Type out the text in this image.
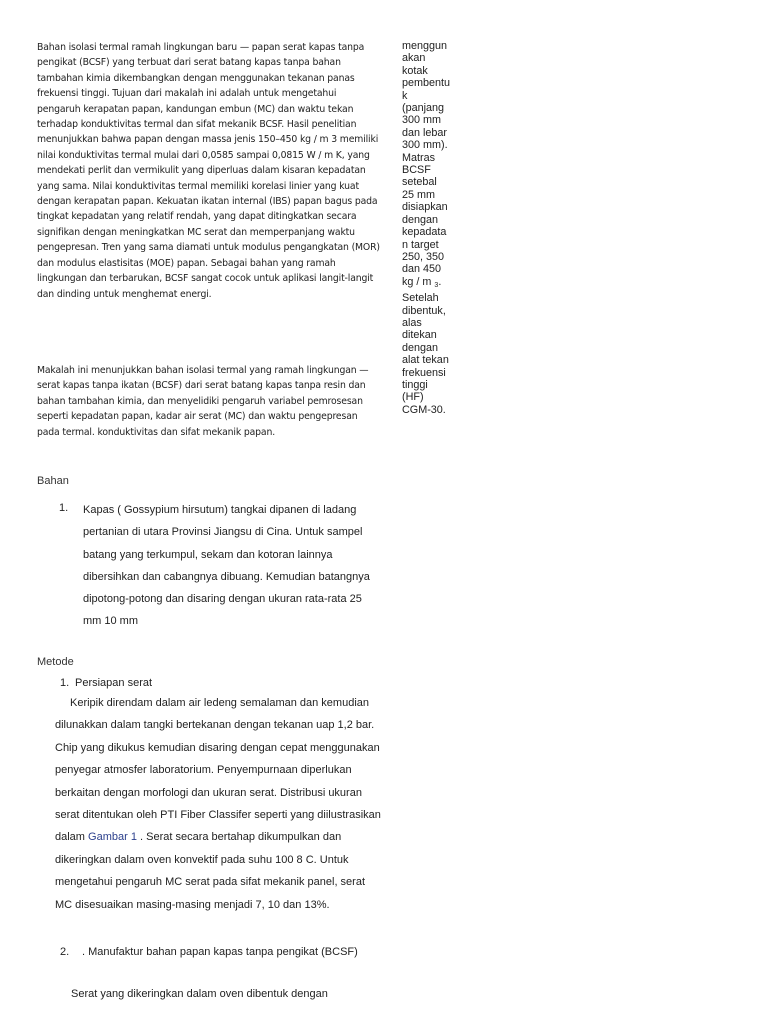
Bahan isolasi termal ramah lingkungan baru — papan serat kapas tanpa pengikat (BCSF) yang terbuat dari serat batang kapas tanpa bahan tambahan kimia dikembangkan dengan menggunakan tekanan panas frekuensi tinggi. Tujuan dari makalah ini adalah untuk mengetahui pengaruh kerapatan papan, kandungan embun (MC) dan waktu tekan terhadap konduktivitas termal dan sifat mekanik BCSF. Hasil penelitian menunjukkan bahwa papan dengan massa jenis 150–450 kg / m 3 memiliki nilai konduktivitas termal mulai dari 0,0585 sampai 0,0815 W / m K, yang mendekati perlit dan vermikulit yang diperluas dalam kisaran kepadatan yang sama. Nilai konduktivitas termal memiliki korelasi linier yang kuat dengan kerapatan papan. Kekuatan ikatan internal (IBS) papan bagus pada tingkat kepadatan yang relatif rendah, yang dapat ditingkatkan secara signifikan dengan meningkatkan MC serat dan memperpanjang waktu pengepresan. Tren yang sama diamati untuk modulus pengangkatan (MOR) dan modulus elastisitas (MOE) papan. Sebagai bahan yang ramah lingkungan dan terbarukan, BCSF sangat cocok untuk aplikasi langit-langit dan dinding untuk menghemat energi.

Makalah ini menunjukkan bahan isolasi termal yang ramah lingkungan — serat kapas tanpa ikatan (BCSF) dari serat batang kapas tanpa resin dan bahan tambahan kimia, dan menyelidiki pengaruh variabel pemrosesan seperti kepadatan papan, kadar air serat (MC) dan waktu pengepresan pada termal. konduktivitas dan sifat mekanik papan.

menggun
akan
kotak
pembentu
k
(panjang
300 mm
dan lebar
300 mm).
Matras
BCSF
setebal
25 mm
disiapkan
dengan
kepadata
n target
250, 350
dan 450
kg / m $_3$.
Setelah
dibentuk,
alas
ditekan
dengan
alat tekan
frekuensi
tinggi
(HF)
CGM-30.
Bahan
1. Kapas ( Gossypium hirsutum) tangkai dipanen di ladang pertanian di utara Provinsi Jiangsu di Cina. Untuk sampel batang yang terkumpul, sekam dan kotoran lainnya dibersihkan dan cabangnya dibuang. Kemudian batangnya dipotong-potong dan disaring dengan ukuran rata-rata 25 mm 10 mm
Metode
1. Persiapan serat
Keripik direndam dalam air ledeng semalaman dan kemudian dilunakkan dalam tangki bertekanan dengan tekanan uap 1,2 bar. Chip yang dikukus kemudian disaring dengan cepat menggunakan penyegar atmosfer laboratorium. Penyempurnaan diperlukan berkaitan dengan morfologi dan ukuran serat. Distribusi ukuran serat ditentukan oleh PTI Fiber Classifer seperti yang diilustrasikan dalam Gambar 1 . Serat secara bertahap dikumpulkan dan dikeringkan dalam oven konvektif pada suhu 100 8 C. Untuk mengetahui pengaruh MC serat pada sifat mekanik panel, serat MC disesuaikan masing-masing menjadi 7, 10 dan 13%.
2. . Manufaktur bahan papan kapas tanpa pengikat (BCSF)
Serat yang dikeringkan dalam oven dibentuk dengan
